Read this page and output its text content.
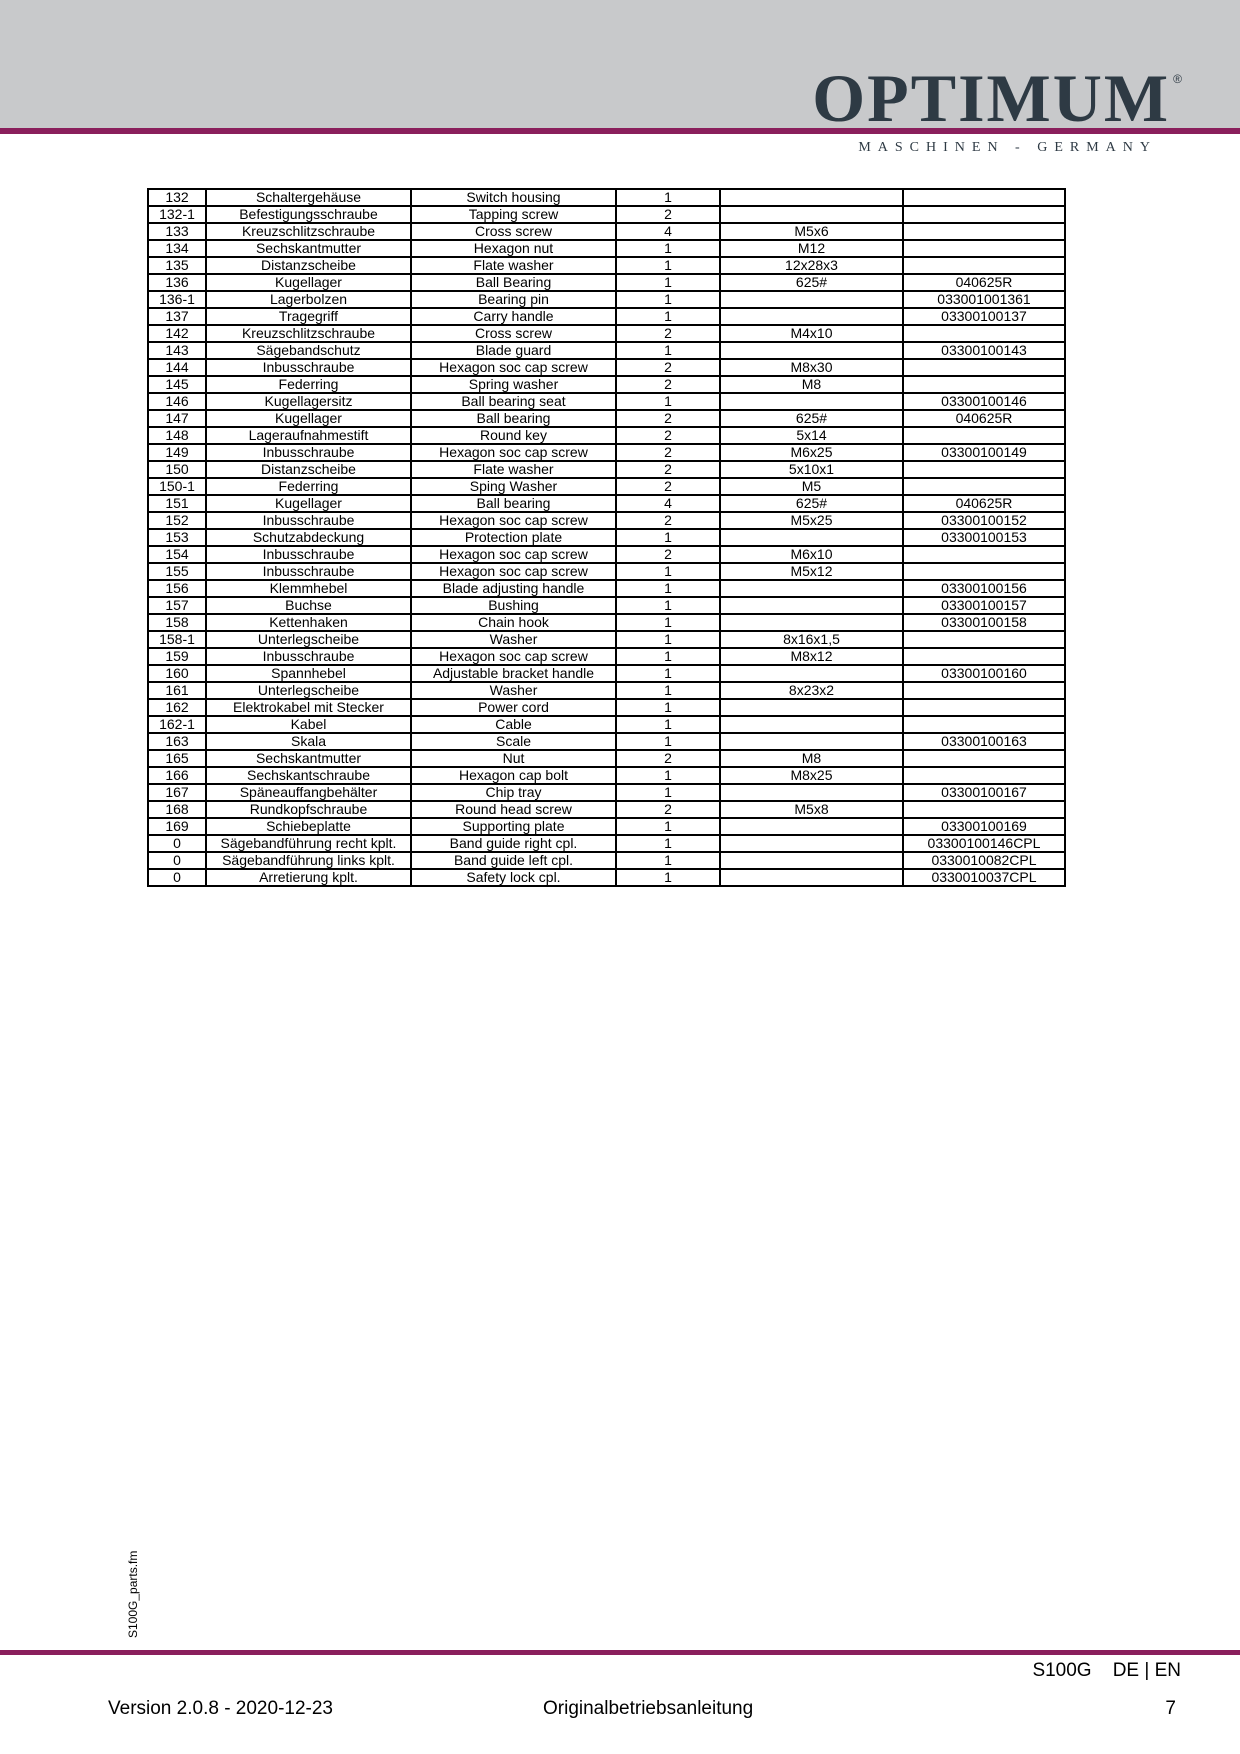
OPTIMUM ®
MASCHINEN - GERMANY
132	Schaltergehäuse	Switch housing	1		
132-1	Befestigungsschraube	Tapping screw	2		
133	Kreuzschlitzschraube	Cross screw	4	M5x6	
134	Sechskantmutter	Hexagon nut	1	M12	
135	Distanzscheibe	Flate washer	1	12x28x3	
136	Kugellager	Ball Bearing	1	625#	040625R
136-1	Lagerbolzen	Bearing pin	1		033001001361
137	Tragegriff	Carry handle	1		03300100137
142	Kreuzschlitzschraube	Cross screw	2	M4x10	
143	Sägebandschutz	Blade guard	1		03300100143
144	Inbusschraube	Hexagon soc cap screw	2	M8x30	
145	Federring	Spring washer	2	M8	
146	Kugellagersitz	Ball bearing seat	1		03300100146
147	Kugellager	Ball bearing	2	625#	040625R
148	Lageraufnahmestift	Round key	2	5x14	
149	Inbusschraube	Hexagon soc cap screw	2	M6x25	03300100149
150	Distanzscheibe	Flate washer	2	5x10x1	
150-1	Federring	Sping Washer	2	M5	
151	Kugellager	Ball bearing	4	625#	040625R
152	Inbusschraube	Hexagon soc cap screw	2	M5x25	03300100152
153	Schutzabdeckung	Protection plate	1		03300100153
154	Inbusschraube	Hexagon soc cap screw	2	M6x10	
155	Inbusschraube	Hexagon soc cap screw	1	M5x12	
156	Klemmhebel	Blade adjusting handle	1		03300100156
157	Buchse	Bushing	1		03300100157
158	Kettenhaken	Chain hook	1		03300100158
158-1	Unterlegscheibe	Washer	1	8x16x1,5	
159	Inbusschraube	Hexagon soc cap screw	1	M8x12	
160	Spannhebel	Adjustable bracket handle	1		03300100160
161	Unterlegscheibe	Washer	1	8x23x2	
162	Elektrokabel mit Stecker	Power cord	1		
162-1	Kabel	Cable	1		
163	Skala	Scale	1		03300100163
165	Sechskantmutter	Nut	2	M8	
166	Sechskantschraube	Hexagon cap bolt	1	M8x25	
167	Späneauffangbehälter	Chip tray	1		03300100167
168	Rundkopfschraube	Round head screw	2	M5x8	
169	Schiebeplatte	Supporting plate	1		03300100169
0	Sägebandführung recht kplt.	Band guide right cpl.	1		03300100146CPL
0	Sägebandführung links kplt.	Band guide left cpl.	1		0330010082CPL
0	Arretierung kplt.	Safety lock cpl.	1		0330010037CPL
S100G_parts.fm
S100G    DE | EN
Version 2.0.8 - 2020-12-23	Originalbetriebsanleitung	7
